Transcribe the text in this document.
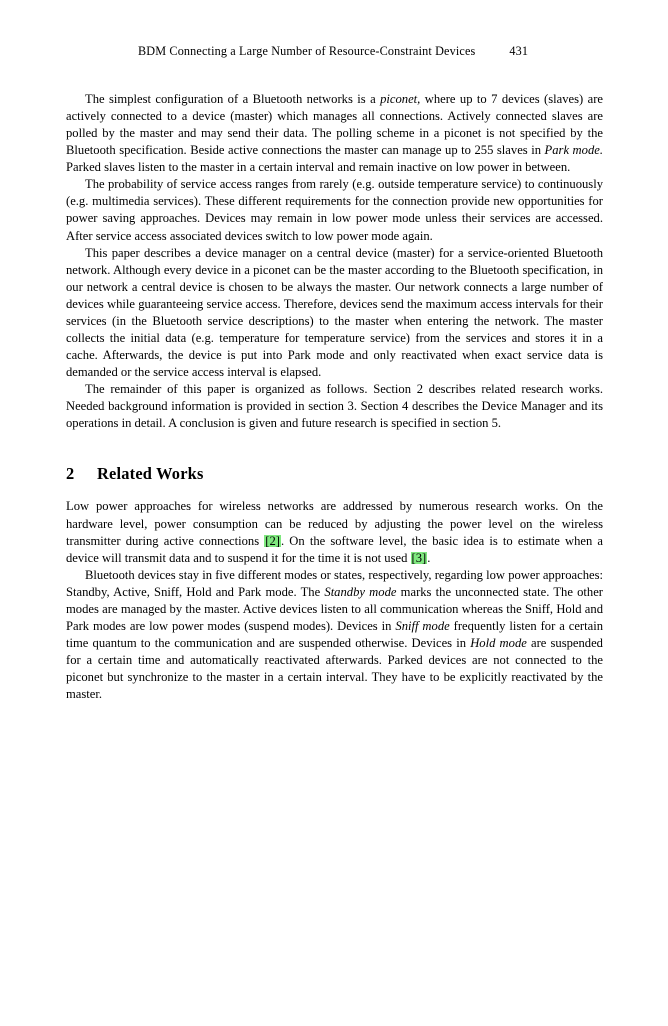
BDM Connecting a Large Number of Resource-Constraint Devices	431

The simplest configuration of a Bluetooth networks is a piconet, where up to 7 devices (slaves) are actively connected to a device (master) which manages all connections. Actively connected slaves are polled by the master and may send their data. The polling scheme in a piconet is not specified by the Bluetooth specification. Beside active connections the master can manage up to 255 slaves in Park mode. Parked slaves listen to the master in a certain interval and remain inactive on low power in between.

The probability of service access ranges from rarely (e.g. outside temperature service) to continuously (e.g. multimedia services). These different requirements for the connection provide new opportunities for power saving approaches. Devices may remain in low power mode unless their services are accessed. After service access associated devices switch to low power mode again.

This paper describes a device manager on a central device (master) for a service-oriented Bluetooth network. Although every device in a piconet can be the master according to the Bluetooth specification, in our network a central device is chosen to be always the master. Our network connects a large number of devices while guaranteeing service access. Therefore, devices send the maximum access intervals for their services (in the Bluetooth service descriptions) to the master when entering the network. The master collects the initial data (e.g. temperature for temperature service) from the services and stores it in a cache. Afterwards, the device is put into Park mode and only reactivated when exact service data is demanded or the service access interval is elapsed.

The remainder of this paper is organized as follows. Section 2 describes related research works. Needed background information is provided in section 3. Section 4 describes the Device Manager and its operations in detail. A conclusion is given and future research is specified in section 5.

2	Related Works

Low power approaches for wireless networks are addressed by numerous research works. On the hardware level, power consumption can be reduced by adjusting the power level on the wireless transmitter during active connections [2]. On the software level, the basic idea is to estimate when a device will transmit data and to suspend it for the time it is not used [3].

Bluetooth devices stay in five different modes or states, respectively, regarding low power approaches: Standby, Active, Sniff, Hold and Park mode. The Standby mode marks the unconnected state. The other modes are managed by the master. Active devices listen to all communication whereas the Sniff, Hold and Park modes are low power modes (suspend modes). Devices in Sniff mode frequently listen for a certain time quantum to the communication and are suspended otherwise. Devices in Hold mode are suspended for a certain time and automatically reactivated afterwards. Parked devices are not connected to the piconet but synchronize to the master in a certain interval. They have to be explicitly reactivated by the master.
